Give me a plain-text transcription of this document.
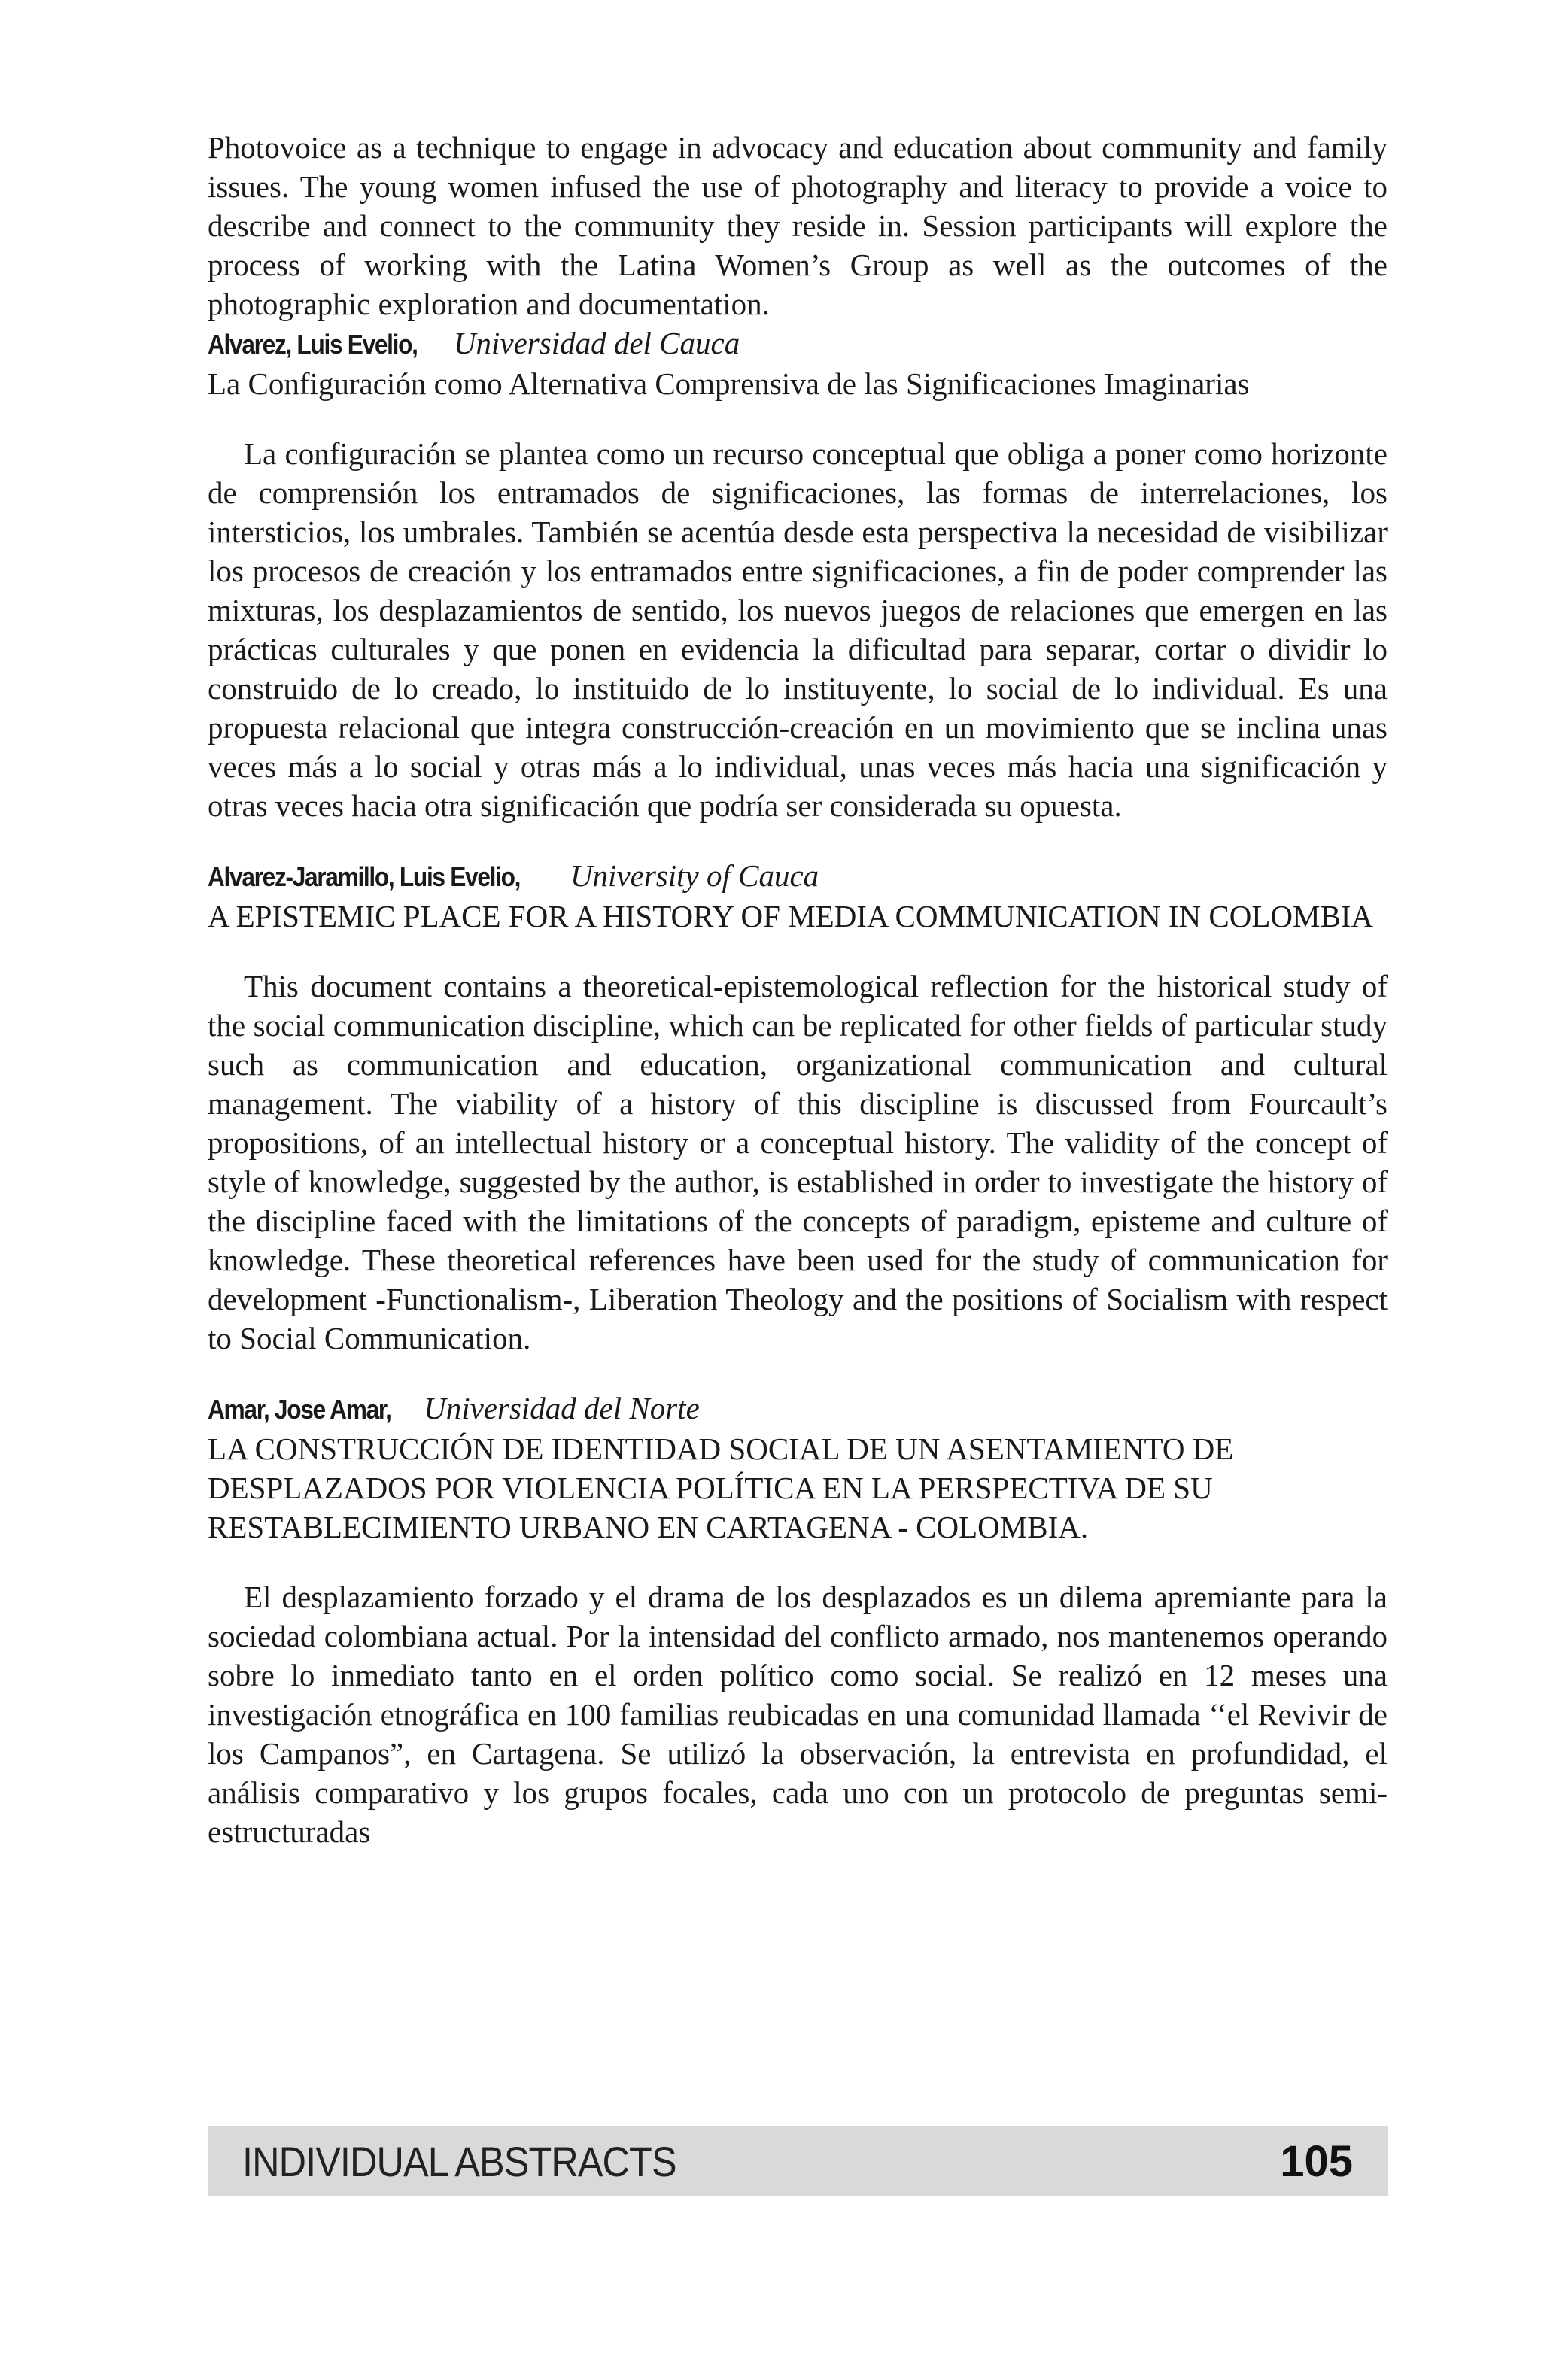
Photovoice as a technique to engage in advocacy and education about community and family issues. The young women infused the use of photography and literacy to provide a voice to describe and connect to the community they reside in. Session participants will explore the process of working with the Latina Women’s Group as well as the outcomes of the photographic exploration and documentation.

Alvarez, Luis Evelio, Universidad del Cauca

La Configuración como Alternativa Comprensiva de las Significaciones Imaginarias

La configuración se plantea como un recurso conceptual que obliga a poner como horizonte de comprensión los entramados de significaciones, las formas de interrelaciones, los intersticios, los umbrales. También se acentúa desde esta perspectiva la necesidad de visibilizar los procesos de creación y los entramados entre significaciones, a fin de poder comprender las mixturas, los desplazamientos de sentido, los nuevos juegos de relaciones que emergen en las prácticas culturales y que ponen en evidencia la dificultad para separar, cortar o dividir lo construido de lo creado, lo instituido de lo instituyente, lo social de lo individual. Es una propuesta relacional que integra construcción-creación en un movimiento que se inclina unas veces más a lo social y otras más a lo individual, unas veces más hacia una significación y otras veces hacia otra significación que podría ser considerada su opuesta.

Alvarez-Jaramillo, Luis Evelio, University of Cauca

A EPISTEMIC PLACE FOR A HISTORY OF MEDIA COMMUNICATION IN COLOMBIA

This document contains a theoretical-epistemological reflection for the historical study of the social communication discipline, which can be replicated for other fields of particular study such as communication and education, organizational communication and cultural management. The viability of a history of this discipline is discussed from Fourcault’s propositions, of an intellectual history or a conceptual history. The validity of the concept of style of knowledge, suggested by the author, is established in order to investigate the history of the discipline faced with the limitations of the concepts of paradigm, episteme and culture of knowledge. These theoretical references have been used for the study of communication for development -Functionalism-, Liberation Theology and the positions of Socialism with respect to Social Communication.

Amar, Jose Amar, Universidad del Norte

LA CONSTRUCCIÓN DE IDENTIDAD SOCIAL DE UN ASENTAMIENTO DE DESPLAZADOS POR VIOLENCIA POLÍTICA EN LA PERSPECTIVA DE SU RESTABLECIMIENTO URBANO EN CARTAGENA - COLOMBIA.

El desplazamiento forzado y el drama de los desplazados es un dilema apremiante para la sociedad colombiana actual. Por la intensidad del conflicto armado, nos mantenemos operando sobre lo inmediato tanto en el orden político como social. Se realizó en 12 meses una investigación etnográfica en 100 familias reubicadas en una comunidad llamada ‘‘el Revivir de los Campanos”, en Cartagena. Se utilizó la observación, la entrevista en profundidad, el análisis comparativo y los grupos focales, cada uno con un protocolo de preguntas semi-estructuradas

INDIVIDUAL ABSTRACTS	105
